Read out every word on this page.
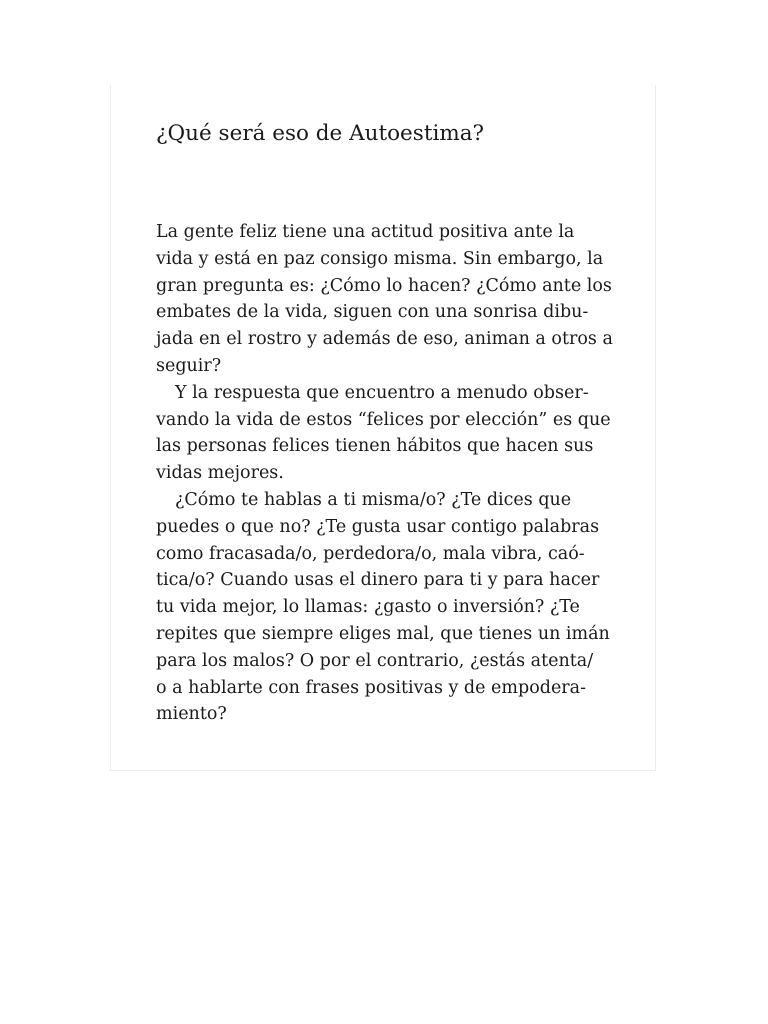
¿Qué será eso de Autoestima?
La gente feliz tiene una actitud positiva ante la
vida y está en paz consigo misma. Sin embargo, la
gran pregunta es: ¿Cómo lo hacen? ¿Cómo ante los
embates de la vida, siguen con una sonrisa dibu-
jada en el rostro y además de eso, animan a otros a
seguir?
Y la respuesta que encuentro a menudo obser-
vando la vida de estos “felices por elección” es que
las personas felices tienen hábitos que hacen sus
vidas mejores.
¿Cómo te hablas a ti misma/o? ¿Te dices que
puedes o que no? ¿Te gusta usar contigo palabras
como fracasada/o, perdedora/o, mala vibra, caó-
tica/o? Cuando usas el dinero para ti y para hacer
tu vida mejor, lo llamas: ¿gasto o inversión? ¿Te
repites que siempre eliges mal, que tienes un imán
para los malos? O por el contrario, ¿estás atenta/
o a hablarte con frases positivas y de empodera-
miento?
